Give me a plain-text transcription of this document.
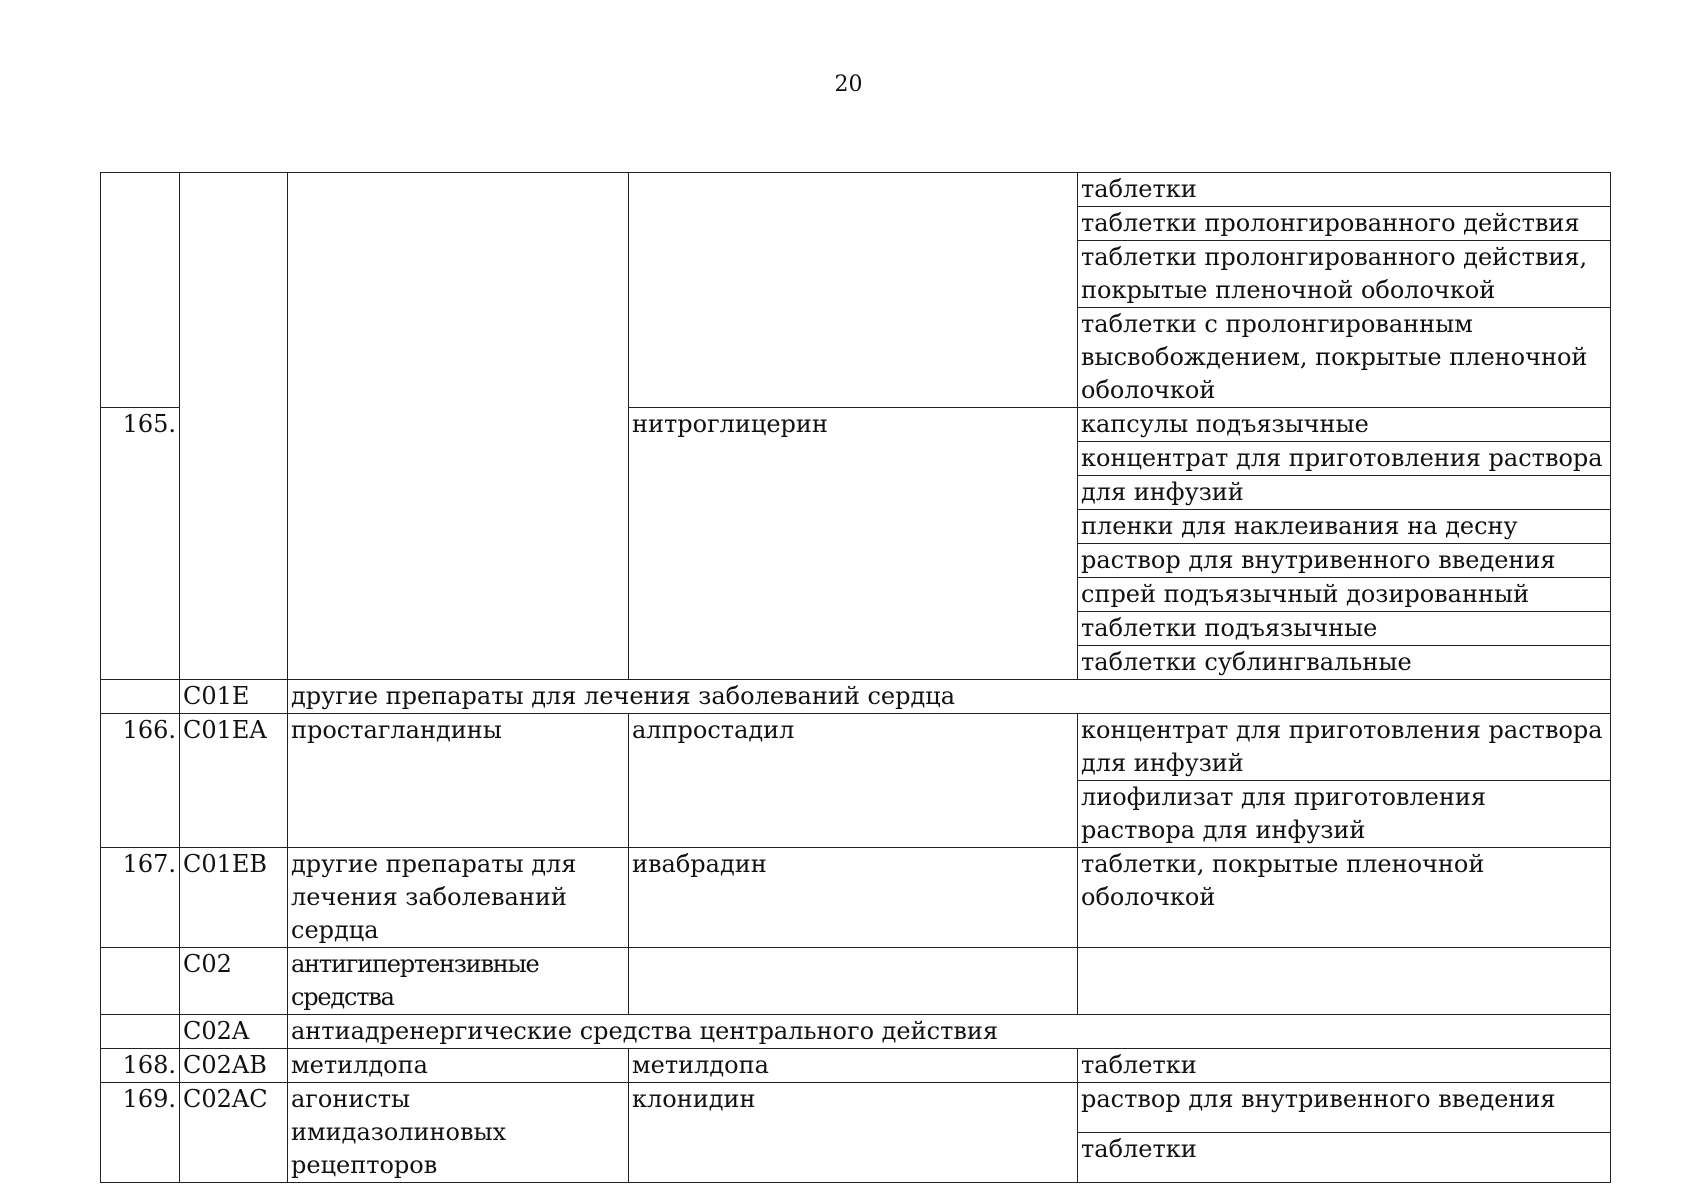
20
				таблетки
				таблетки пролонгированного действия
				таблетки пролонгированного действия, покрытые пленочной оболочкой
				таблетки с пролонгированным высвобождением, покрытые пленочной оболочкой
165.			нитроглицерин	капсулы подъязычные
				концентрат для приготовления раствора
				для инфузий
				пленки для наклеивания на десну
				раствор для внутривенного введения
				спрей подъязычный дозированный
				таблетки подъязычные
				таблетки сублингвальные
	C01E	другие препараты для лечения заболеваний сердца		
166.	C01EA	простагландины	алпростадил	концентрат для приготовления раствора для инфузий
				лиофилизат для приготовления раствора для инфузий
167.	C01EB	другие препараты для лечения заболеваний сердца	ивабрадин	таблетки, покрытые пленочной оболочкой
	C02	антигипертензивные средства		
	C02A	антиадренергические средства центрального действия		
168.	C02AB	метилдопа	метилдопа	таблетки
169.	C02AC	агонисты имидазолиновых рецепторов	клонидин	раствор для внутривенного введения
				таблетки
